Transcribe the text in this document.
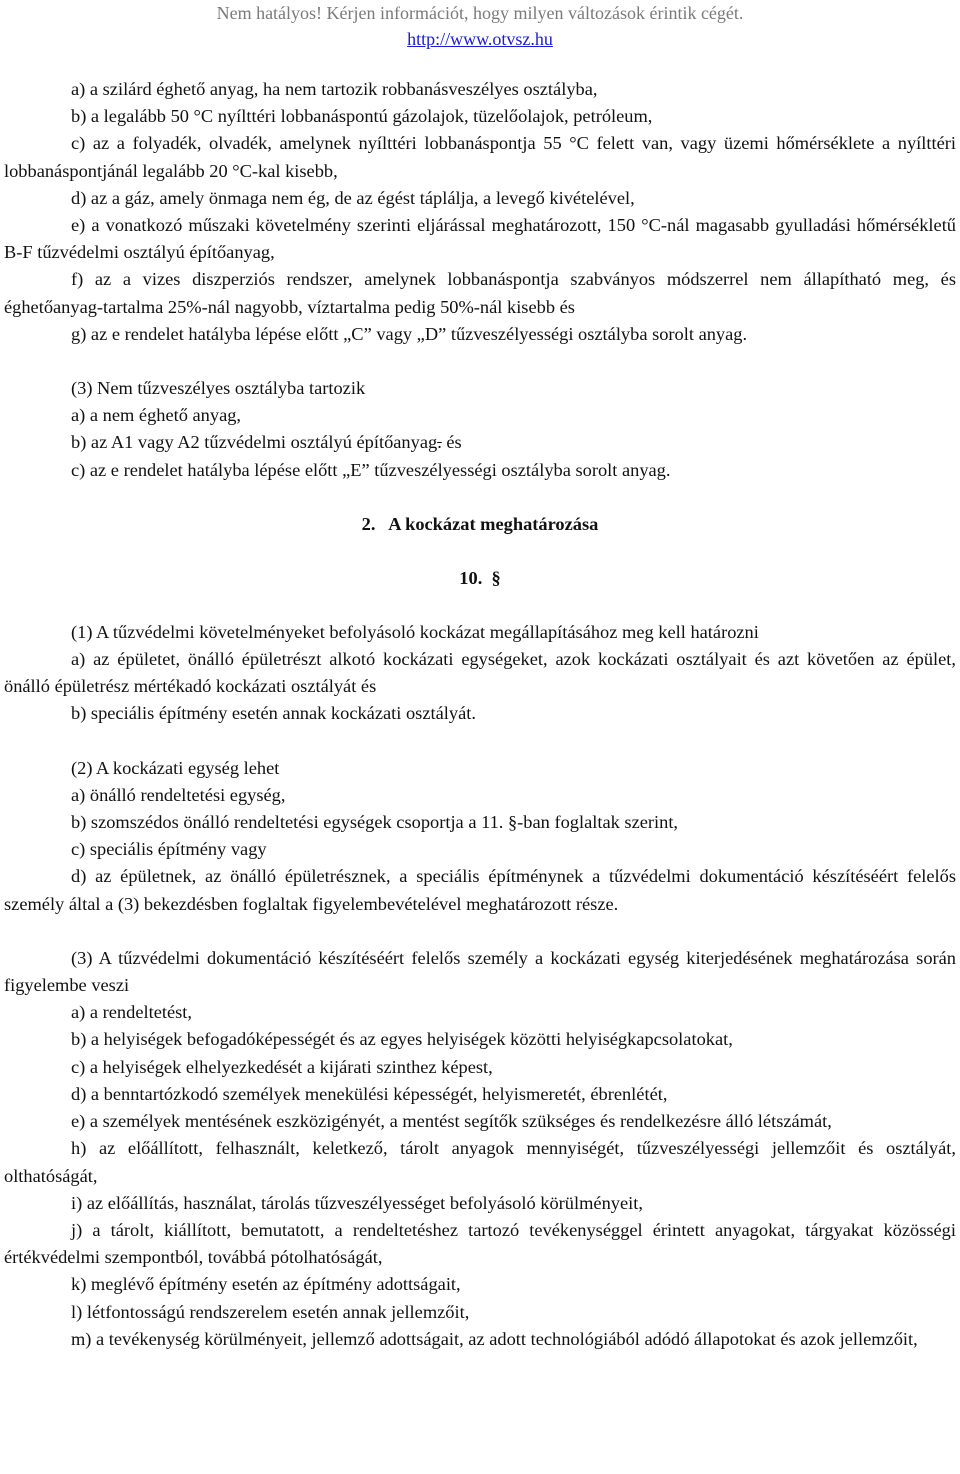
Nem hatályos! Kérjen információt, hogy milyen változások érintik cégét.
http://www.otvsz.hu

a) a szilárd éghető anyag, ha nem tartozik robbanásveszélyes osztályba,

b) a legalább 50 °C nyílttéri lobbanáspontú gázolajok, tüzelőolajok, petróleum,

c) az a folyadék, olvadék, amelynek nyílttéri lobbanáspontja 55 °C felett van, vagy üzemi hőmérséklete a nyílttéri lobbanáspontjánál legalább 20 °C-kal kisebb,

d) az a gáz, amely önmaga nem ég, de az égést táplálja, a levegő kivételével,

e) a vonatkozó műszaki követelmény szerinti eljárással meghatározott, 150 °C-nál magasabb gyulladási hőmérsékletű B-F tűzvédelmi osztályú építőanyag,

f) az a vizes diszperziós rendszer, amelynek lobbanáspontja szabványos módszerrel nem állapítható meg, és éghetőanyag-tartalma 25%-nál nagyobb, víztartalma pedig 50%-nál kisebb és

g) az e rendelet hatályba lépése előtt „C” vagy „D” tűzveszélyességi osztályba sorolt anyag.

(3) Nem tűzveszélyes osztályba tartozik

a) a nem éghető anyag,

b) az A1 vagy A2 tűzvédelmi osztályú építőanyag. és

c) az e rendelet hatályba lépése előtt „E” tűzveszélyességi osztályba sorolt anyag.

2.   A kockázat meghatározása

10.  §

(1) A tűzvédelmi követelményeket befolyásoló kockázat megállapításához meg kell határozni

a) az épületet, önálló épületrészt alkotó kockázati egységeket, azok kockázati osztályait és azt követően az épület, önálló épületrész mértékadó kockázati osztályát és

b) speciális építmény esetén annak kockázati osztályát.

(2) A kockázati egység lehet

a) önálló rendeltetési egység,

b) szomszédos önálló rendeltetési egységek csoportja a 11. §-ban foglaltak szerint,

c) speciális építmény vagy

d) az épületnek, az önálló épületrésznek, a speciális építménynek a tűzvédelmi dokumentáció készítéséért felelős személy által a (3) bekezdésben foglaltak figyelembevételével meghatározott része.

(3) A tűzvédelmi dokumentáció készítéséért felelős személy a kockázati egység kiterjedésének meghatározása során figyelembe veszi

a) a rendeltetést,

b) a helyiségek befogadóképességét és az egyes helyiségek közötti helyiségkapcsolatokat,

c) a helyiségek elhelyezkedését a kijárati szinthez képest,

d) a benntartózkodó személyek menekülési képességét, helyismeretét, ébrenlétét,

e) a személyek mentésének eszközigényét, a mentést segítők szükséges és rendelkezésre álló létszámát,

h) az előállított, felhasznált, keletkező, tárolt anyagok mennyiségét, tűzveszélyességi jellemzőit és osztályát, olthatóságát,

i) az előállítás, használat, tárolás tűzveszélyességet befolyásoló körülményeit,

j) a tárolt, kiállított, bemutatott, a rendeltetéshez tartozó tevékenységgel érintett anyagokat, tárgyakat közösségi értékvédelmi szempontból, továbbá pótolhatóságát,

k) meglévő építmény esetén az építmény adottságait,

l) létfontosságú rendszerelem esetén annak jellemzőit,

m) a tevékenység körülményeit, jellemző adottságait, az adott technológiából adódó állapotokat és azok jellemzőit,
